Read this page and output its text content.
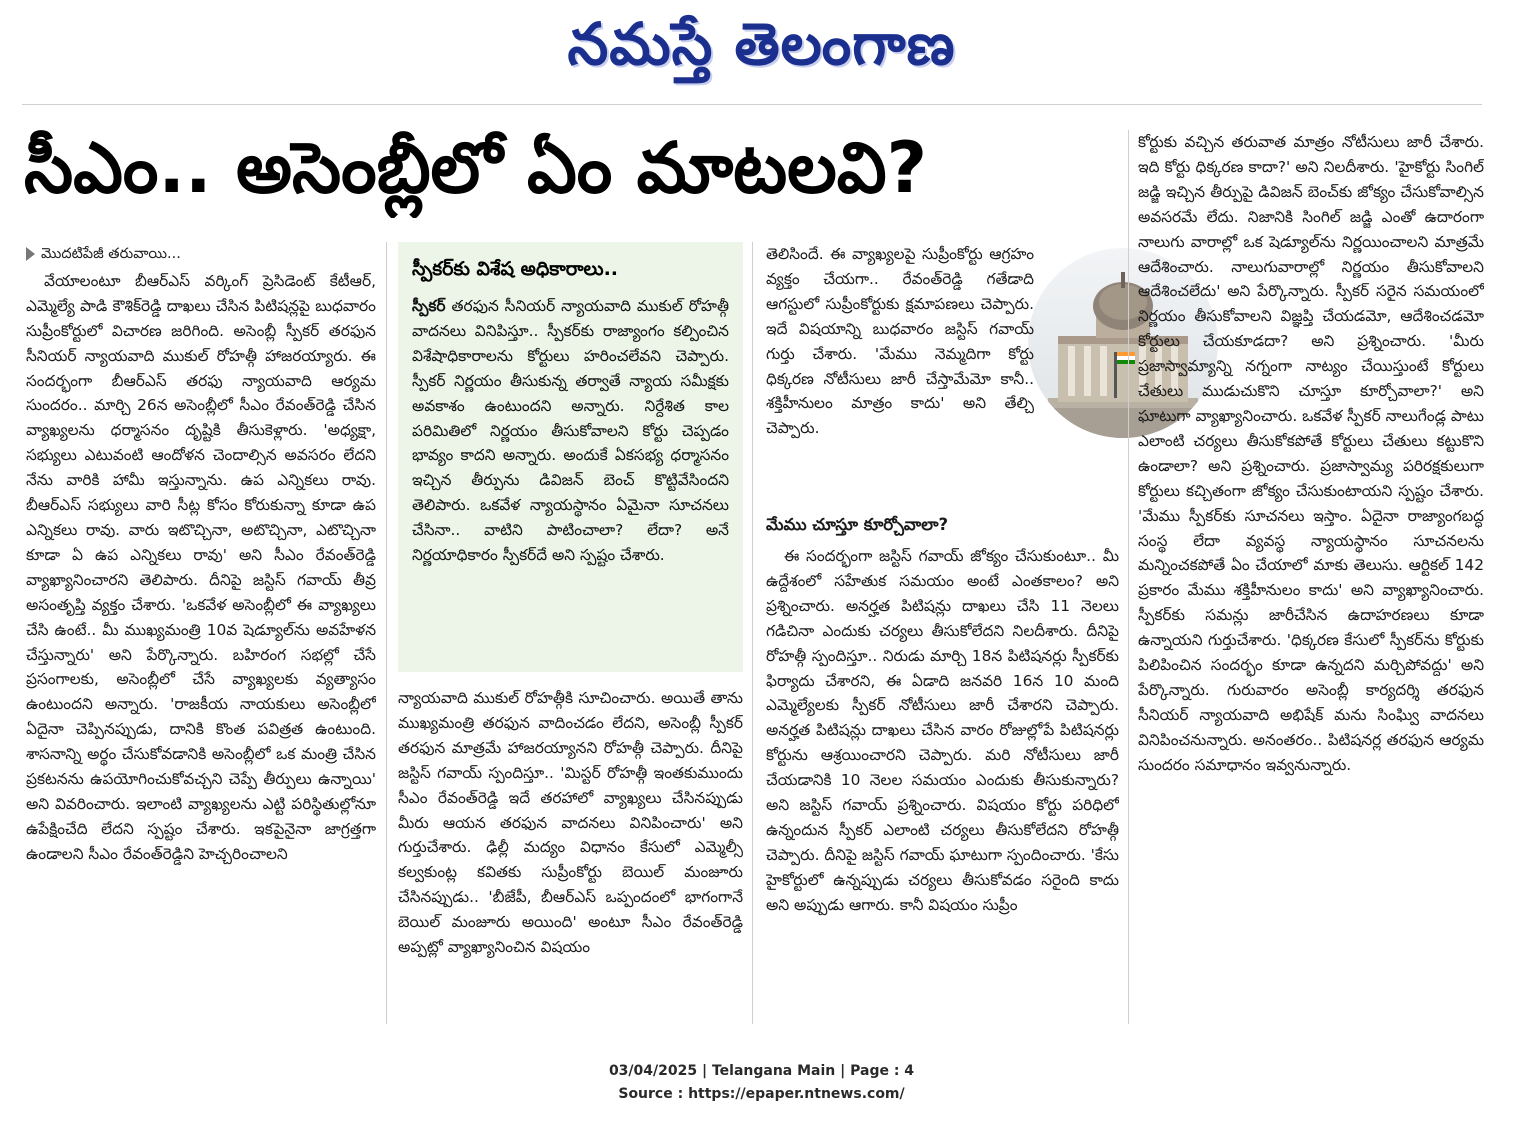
నమస్తే తెలంగాణ
సీఎం.. అసెంబ్లీలో ఏం మాటలవి?
మొదటిపేజీ తరువాయి...

వేయాలంటూ బీఆర్ఎస్ వర్కింగ్ ప్రెసిడెంట్ కేటీఆర్, ఎమ్మెల్యే పాడి కౌశిక్‌రెడ్డి దాఖలు చేసిన పిటిషన్లపై బుధవారం సుప్రీంకోర్టులో విచారణ జరిగింది. అసెంబ్లీ స్పీకర్ తరఫున సీనియర్ న్యాయవాది ముకుల్ రోహత్గీ హాజరయ్యారు. ఈ సందర్భంగా బీఆర్ఎస్ తరఫు న్యాయవాది ఆర్యమ సుందరం.. మార్చి 26న అసెంబ్లీలో సీఎం రేవంత్‌రెడ్డి చేసిన వ్యాఖ్యలను ధర్మాసనం దృష్టికి తీసుకెళ్లారు. 'అధ్యక్షా, సభ్యులు ఎటువంటి ఆందోళన చెందాల్సిన అవసరం లేదని నేను వారికి హామీ ఇస్తున్నాను. ఉప ఎన్నికలు రావు. బీఆర్ఎస్ సభ్యులు వారి సీట్ల కోసం కోరుకున్నా కూడా ఉప ఎన్నికలు రావు. వారు ఇటొచ్చినా, అటొచ్చినా, ఎటొచ్చినా కూడా ఏ ఉప ఎన్నికలు రావు' అని సీఎం రేవంత్‌రెడ్డి వ్యాఖ్యానించారని తెలిపారు. దీనిపై జస్టిస్ గవాయ్ తీవ్ర అసంతృప్తి వ్యక్తం చేశారు. 'ఒకవేళ అసెంబ్లీలో ఈ వ్యాఖ్యలు చేసి ఉంటే.. మీ ముఖ్యమంత్రి 10వ షెడ్యూల్‌ను అవహేళన చేస్తున్నారు' అని పేర్కొన్నారు. బహిరంగ సభల్లో చేసే ప్రసంగాలకు, అసెంబ్లీలో చేసే వ్యాఖ్యలకు వ్యత్యాసం ఉంటుందని అన్నారు. 'రాజకీయ నాయకులు అసెంబ్లీలో ఏదైనా చెప్పినప్పుడు, దానికి కొంత పవిత్రత ఉంటుంది. శాసనాన్ని అర్థం చేసుకోవడానికి అసెంబ్లీలో ఒక మంత్రి చేసిన ప్రకటనను ఉపయోగించుకోవచ్చని చెప్పే తీర్పులు ఉన్నాయి' అని వివరించారు. ఇలాంటి వ్యాఖ్యలను ఎట్టి పరిస్థితుల్లోనూ ఉపేక్షించేది లేదని స్పష్టం చేశారు. ఇకపైనైనా జాగ్రత్తగా ఉండాలని సీఎం రేవంత్‌రెడ్డిని హెచ్చరించాలని

స్పీకర్‌కు విశేష అధికారాలు..
స్పీకర్ తరఫున సీనియర్ న్యాయవాది ముకుల్ రోహత్గీ వాదనలు వినిపిస్తూ.. స్పీకర్‌కు రాజ్యాంగం కల్పించిన విశేషాధికారాలను కోర్టులు హరించలేవని చెప్పారు. స్పీకర్ నిర్ణయం తీసుకున్న తర్వాతే న్యాయ సమీక్షకు అవకాశం ఉంటుందని అన్నారు. నిర్దేశిత కాల పరిమితిలో నిర్ణయం తీసుకోవాలని కోర్టు చెప్పడం భావ్యం కాదని అన్నారు. అందుకే ఏకసభ్య ధర్మాసనం ఇచ్చిన తీర్పును డివిజన్ బెంచ్ కొట్టివేసిందని తెలిపారు. ఒకవేళ న్యాయస్థానం ఏమైనా సూచనలు చేసినా.. వాటిని పాటించాలా? లేదా? అనే నిర్ణయాధికారం స్పీకర్‌దే అని స్పష్టం చేశారు.

న్యాయవాది ముకుల్ రోహత్గీకి సూచించారు. అయితే తాను ముఖ్యమంత్రి తరఫున వాదించడం లేదని, అసెంబ్లీ స్పీకర్ తరఫున మాత్రమే హాజరయ్యానని రోహత్గీ చెప్పారు. దీనిపై జస్టిస్ గవాయ్ స్పందిస్తూ.. 'మిస్టర్ రోహత్గీ ఇంతకుముందు సీఎం రేవంత్‌రెడ్డి ఇదే తరహాలో వ్యాఖ్యలు చేసినప్పుడు మీరు ఆయన తరఫున వాదనలు వినిపించారు' అని గుర్తుచేశారు. ఢిల్లీ మద్యం విధానం కేసులో ఎమ్మెల్సీ కల్వకుంట్ల కవితకు సుప్రీంకోర్టు బెయిల్ మంజూరు చేసినప్పుడు.. 'బీజేపీ, బీఆర్ఎస్ ఒప్పందంలో భాగంగానే బెయిల్ మంజూరు అయింది' అంటూ సీఎం రేవంత్‌రెడ్డి అప్పట్లో వ్యాఖ్యానించిన విషయం

తెలిసిందే. ఈ వ్యాఖ్యలపై సుప్రీంకోర్టు ఆగ్రహం వ్యక్తం చేయగా.. రేవంత్‌రెడ్డి గతేడాది ఆగస్టులో సుప్రీంకోర్టుకు క్షమాపణలు చెప్పారు. ఇదే విషయాన్ని బుధవారం జస్టిస్ గవాయ్ గుర్తు చేశారు. 'మేము నెమ్మదిగా కోర్టు ధిక్కరణ నోటీసులు జారీ చేస్తామేమో కానీ.. శక్తిహీనులం మాత్రం కాదు' అని తేల్చి చెప్పారు.

మేము చూస్తూ కూర్చోవాలా?

ఈ సందర్భంగా జస్టిస్ గవాయ్ జోక్యం చేసుకుంటూ.. మీ ఉద్దేశంలో సహేతుక సమయం అంటే ఎంతకాలం? అని ప్రశ్నించారు. అనర్హత పిటిషన్లు దాఖలు చేసి 11 నెలలు గడిచినా ఎందుకు చర్యలు తీసుకోలేదని నిలదీశారు. దీనిపై రోహత్గీ స్పందిస్తూ.. నిరుడు మార్చి 18న పిటిషనర్లు స్పీకర్‌కు ఫిర్యాదు చేశారని, ఈ ఏడాది జనవరి 16న 10 మంది ఎమ్మెల్యేలకు స్పీకర్ నోటీసులు జారీ చేశారని చెప్పారు. అనర్హత పిటిషన్లు దాఖలు చేసిన వారం రోజుల్లోపే పిటిషనర్లు కోర్టును ఆశ్రయించారని చెప్పారు. మరి నోటీసులు జారీ చేయడానికి 10 నెలల సమయం ఎందుకు తీసుకున్నారు? అని జస్టిస్ గవాయ్ ప్రశ్నించారు. విషయం కోర్టు పరిధిలో ఉన్నందున స్పీకర్ ఎలాంటి చర్యలు తీసుకోలేదని రోహత్గీ చెప్పారు. దీనిపై జస్టిస్ గవాయ్ ఘాటుగా స్పందించారు. 'కేసు హైకోర్టులో ఉన్నప్పుడు చర్యలు తీసుకోవడం సరైంది కాదు అని అప్పుడు ఆగారు. కానీ విషయం సుప్రీం

కోర్టుకు వచ్చిన తరువాత మాత్రం నోటీసులు జారీ చేశారు. ఇది కోర్టు ధిక్కరణ కాదా?' అని నిలదీశారు. 'హైకోర్టు సింగిల్ జడ్జి ఇచ్చిన తీర్పుపై డివిజన్ బెంచ్‌కు జోక్యం చేసుకోవాల్సిన అవసరమే లేదు. నిజానికి సింగిల్ జడ్జి ఎంతో ఉదారంగా నాలుగు వారాల్లో ఒక షెడ్యూల్‌ను నిర్ణయించాలని మాత్రమే ఆదేశించారు. నాలుగువారాల్లో నిర్ణయం తీసుకోవాలని ఆదేశించలేదు' అని పేర్కొన్నారు. స్పీకర్ సరైన సమయంలో నిర్ణయం తీసుకోవాలని విజ్ఞప్తి చేయడమో, ఆదేశించడమో కోర్టులు చేయకూడదా? అని ప్రశ్నించారు. 'మీరు ప్రజాస్వామ్యాన్ని నగ్నంగా నాట్యం చేయిస్తుంటే కోర్టులు చేతులు ముడుచుకొని చూస్తూ కూర్చోవాలా?' అని ఘాటుగా వ్యాఖ్యానించారు. ఒకవేళ స్పీకర్ నాలుగేండ్ల పాటు ఎలాంటి చర్యలు తీసుకోకపోతే కోర్టులు చేతులు కట్టుకొని ఉండాలా? అని ప్రశ్నించారు. ప్రజాస్వామ్య పరిరక్షకులుగా కోర్టులు కచ్చితంగా జోక్యం చేసుకుంటాయని స్పష్టం చేశారు. 'మేము స్పీకర్‌కు సూచనలు ఇస్తాం. ఏదైనా రాజ్యాంగబద్ధ సంస్థ లేదా వ్యవస్థ న్యాయస్థానం సూచనలను మన్నించకపోతే ఏం చేయాలో మాకు తెలుసు. ఆర్టికల్ 142 ప్రకారం మేము శక్తిహీనులం కాదు' అని వ్యాఖ్యానించారు. స్పీకర్‌కు సమన్లు జారీచేసిన ఉదాహరణలు కూడా ఉన్నాయని గుర్తుచేశారు. 'ధిక్కరణ కేసులో స్పీకర్‌ను కోర్టుకు పిలిపించిన సందర్భం కూడా ఉన్నదని మర్చిపోవద్దు' అని పేర్కొన్నారు. గురువారం అసెంబ్లీ కార్యదర్శి తరఫున సీనియర్ న్యాయవాది అభిషేక్ మను సింఘ్వి వాదనలు వినిపించనున్నారు. అనంతరం.. పిటిషనర్ల తరఫున ఆర్యమ సుందరం సమాధానం ఇవ్వనున్నారు.

03/04/2025 | Telangana Main | Page : 4
Source : https://epaper.ntnews.com/
